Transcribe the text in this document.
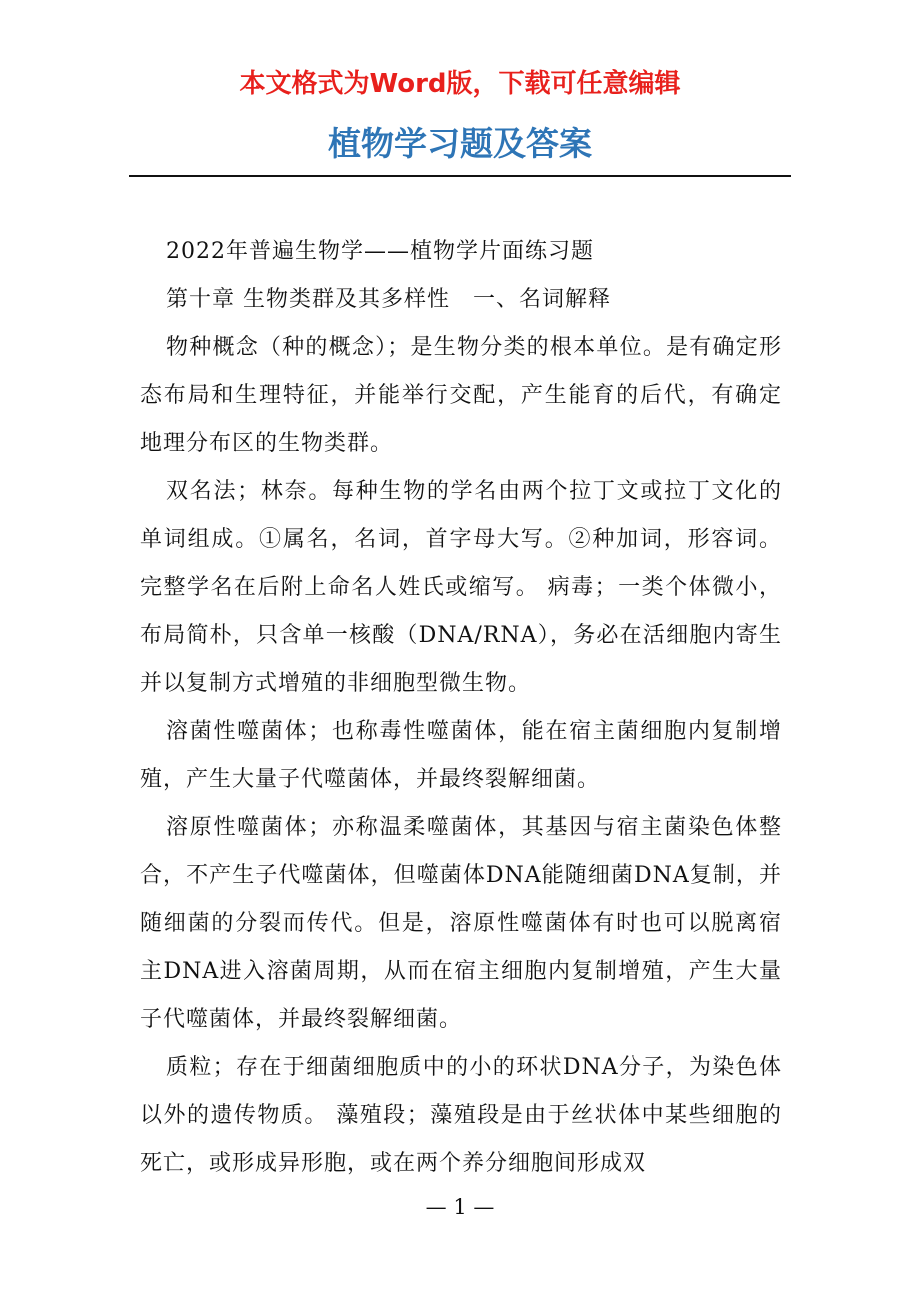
本文格式为Word版，下载可任意编辑
植物学习题及答案

2022年普遍生物学——植物学片面练习题

第十章 生物类群及其多样性　一、名词解释

物种概念（种的概念）；是生物分类的根本单位。是有确定形态布局和生理特征，并能举行交配，产生能育的后代，有确定地理分布区的生物类群。

双名法；林奈。每种生物的学名由两个拉丁文或拉丁文化的单词组成。①属名，名词，首字母大写。②种加词，形容词。完整学名在后附上命名人姓氏或缩写。 病毒；一类个体微小，布局简朴，只含单一核酸（DNA/RNA），务必在活细胞内寄生并以复制方式增殖的非细胞型微生物。

溶菌性噬菌体；也称毒性噬菌体，能在宿主菌细胞内复制增殖，产生大量子代噬菌体，并最终裂解细菌。

溶原性噬菌体；亦称温柔噬菌体，其基因与宿主菌染色体整合，不产生子代噬菌体，但噬菌体DNA能随细菌DNA复制，并随细菌的分裂而传代。但是，溶原性噬菌体有时也可以脱离宿主DNA进入溶菌周期，从而在宿主细胞内复制增殖，产生大量子代噬菌体，并最终裂解细菌。

质粒；存在于细菌细胞质中的小的环状DNA分子，为染色体以外的遗传物质。 藻殖段；藻殖段是由于丝状体中某些细胞的死亡，或形成异形胞，或在两个养分细胞间形成双

— 1 —
